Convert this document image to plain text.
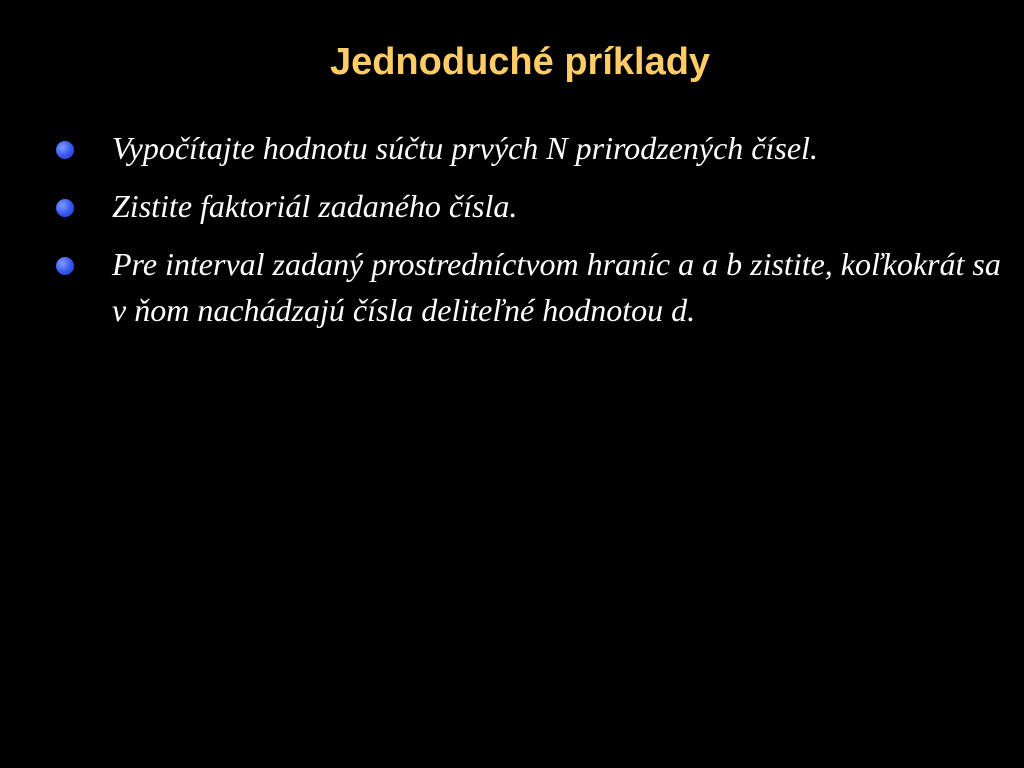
Jednoduché príklady
Vypočítajte hodnotu súčtu prvých N prirodzených čísel.
Zistite faktoriál zadaného čísla.
Pre interval zadaný prostredníctvom hraníc a a b zistite, koľkokrát sa v ňom nachádzajú čísla deliteľné hodnotou d.
